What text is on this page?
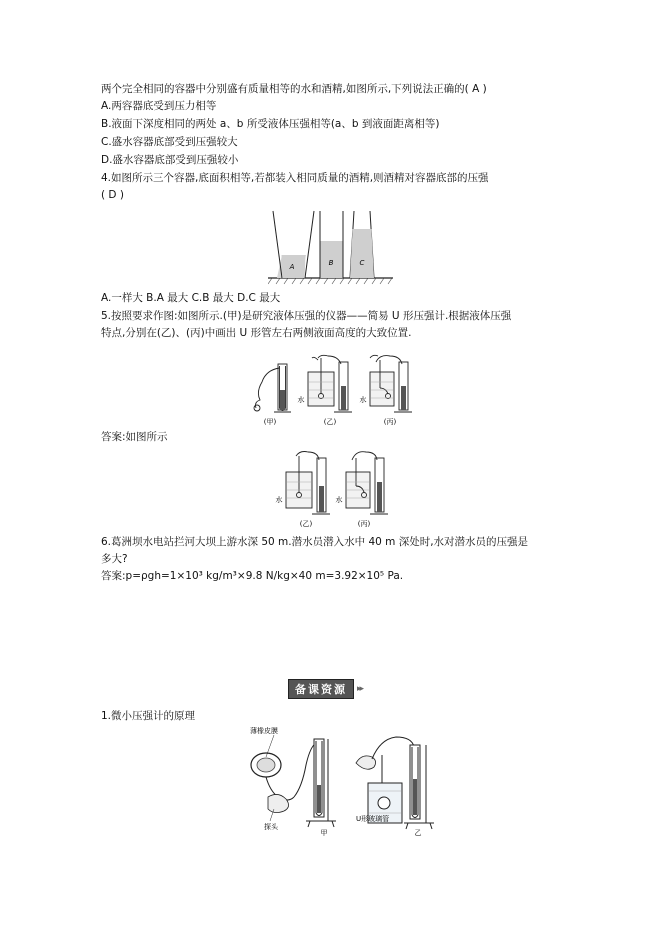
两个完全相同的容器中分别盛有质量相等的水和酒精,如图所示,下列说法正确的( A )
A.两容器底受到压力相等
B.液面下深度相同的两处 a、b 所受液体压强相等(a、b 到液面距离相等)
C.盛水容器底部受到压强较大
D.盛水容器底部受到压强较小
4.如图所示三个容器,底面积相等,若都装入相同质量的酒精,则酒精对容器底部的压强
( D )
A	B	C
A.一样大 B.A 最大 C.B 最大 D.C 最大
5.按照要求作图:如图所示.(甲)是研究液体压强的仪器——简易 U 形压强计.根据液体压强
特点,分别在(乙)、(丙)中画出 U 形管左右两侧液面高度的大致位置.
(甲)
水
(乙)
水
(丙)
答案:如图所示
水
(乙)
水
(丙)
6.葛洲坝水电站拦河大坝上游水深 50 m.潜水员潜入水中 40 m 深处时,水对潜水员的压强是
多大?
答案:p=ρgh=1×10³ kg/m³×9.8 N/kg×40 m=3.92×10⁵ Pa.
备课资源	▸▸
1.微小压强计的原理
薄橡皮膜
探头
甲
U形玻璃管
乙
